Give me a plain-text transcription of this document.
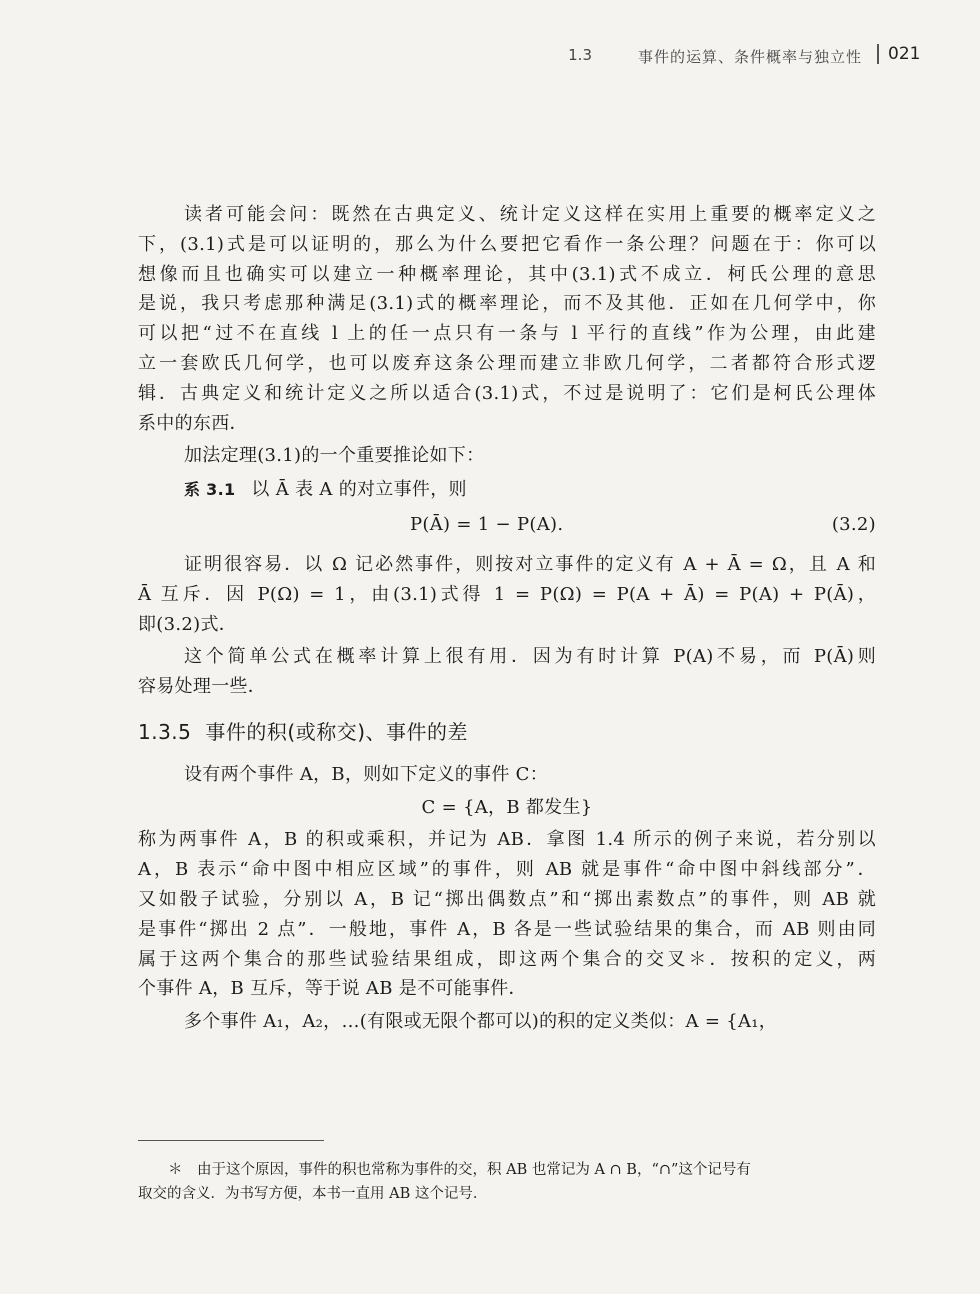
1.3	事件的运算、条件概率与独立性 021

读者可能会问：既然在古典定义、统计定义这样在实用上重要的概率定义之
下，(3.1)式是可以证明的，那么为什么要把它看作一条公理？问题在于：你可以
想像而且也确实可以建立一种概率理论，其中(3.1)式不成立．柯氏公理的意思
是说，我只考虑那种满足(3.1)式的概率理论，而不及其他．正如在几何学中，你
可以把“过不在直线 l 上的任一点只有一条与 l 平行的直线”作为公理，由此建
立一套欧氏几何学，也可以废弃这条公理而建立非欧几何学，二者都符合形式逻
辑．古典定义和统计定义之所以适合(3.1)式，不过是说明了：它们是柯氏公理体
系中的东西．

加法定理(3.1)的一个重要推论如下：

系 3.1 以 Ā 表 A 的对立事件，则

P(Ā) = 1 − P(A).	(3.2)

证明很容易．以 Ω 记必然事件，则按对立事件的定义有 A + Ā = Ω，且 A 和
Ā 互斥．因 P(Ω) = 1，由(3.1)式得 1 = P(Ω) = P(A + Ā) = P(A) + P(Ā)，
即(3.2)式．

这个简单公式在概率计算上很有用．因为有时计算 P(A)不易，而 P(Ā)则
容易处理一些．

1.3.5 事件的积(或称交)、事件的差

设有两个事件 A，B，则如下定义的事件 C：

C = {A，B 都发生}

称为两事件 A，B 的积或乘积，并记为 AB．拿图 1.4 所示的例子来说，若分别以
A，B 表示“命中图中相应区域”的事件，则 AB 就是事件“命中图中斜线部分”．
又如骰子试验，分别以 A，B 记“掷出偶数点”和“掷出素数点”的事件，则 AB 就
是事件“掷出 2 点”．一般地，事件 A，B 各是一些试验结果的集合，而 AB 则由同
属于这两个集合的那些试验结果组成，即这两个集合的交叉＊．按积的定义，两
个事件 A，B 互斥，等于说 AB 是不可能事件．

多个事件 A₁，A₂，…(有限或无限个都可以)的积的定义类似：A = {A₁，

＊　由于这个原因，事件的积也常称为事件的交，积 AB 也常记为 A ∩ B，“∩”这个记号有

取交的含义．为书写方便，本书一直用 AB 这个记号．
